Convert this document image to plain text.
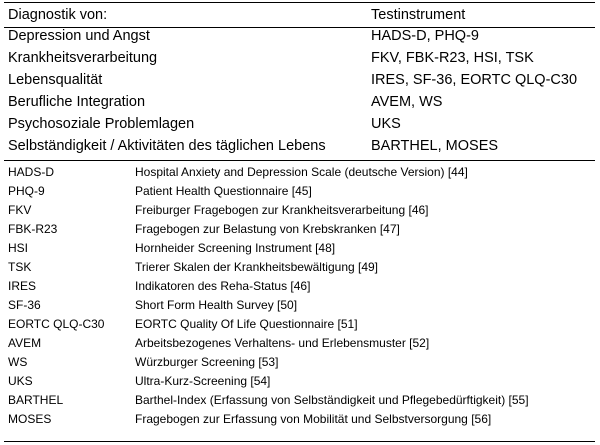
Diagnostik von:	Testinstrument
Depression und Angst	HADS-D, PHQ-9
Krankheitsverarbeitung	FKV, FBK-R23, HSI, TSK
Lebensqualität	IRES, SF-36, EORTC QLQ-C30
Berufliche Integration	AVEM, WS
Psychosoziale Problemlagen	UKS
Selbständigkeit / Aktivitäten des täglichen Lebens	BARTHEL, MOSES
HADS-D	Hospital Anxiety and Depression Scale (deutsche Version) [44]
PHQ-9	Patient Health Questionnaire [45]
FKV	Freiburger Fragebogen zur Krankheitsverarbeitung [46]
FBK-R23	Fragebogen zur Belastung von Krebskranken [47]
HSI	Hornheider Screening Instrument [48]
TSK	Trierer Skalen der Krankheitsbewältigung [49]
IRES	Indikatoren des Reha-Status [46]
SF-36	Short Form Health Survey [50]
EORTC QLQ-C30	EORTC Quality Of Life Questionnaire [51]
AVEM	Arbeitsbezogenes Verhaltens- und Erlebensmuster [52]
WS	Würzburger Screening [53]
UKS	Ultra-Kurz-Screening [54]
BARTHEL	Barthel-Index (Erfassung von Selbständigkeit und Pflegebedürftigkeit) [55]
MOSES	Fragebogen zur Erfassung von Mobilität und Selbstversorgung [56]
